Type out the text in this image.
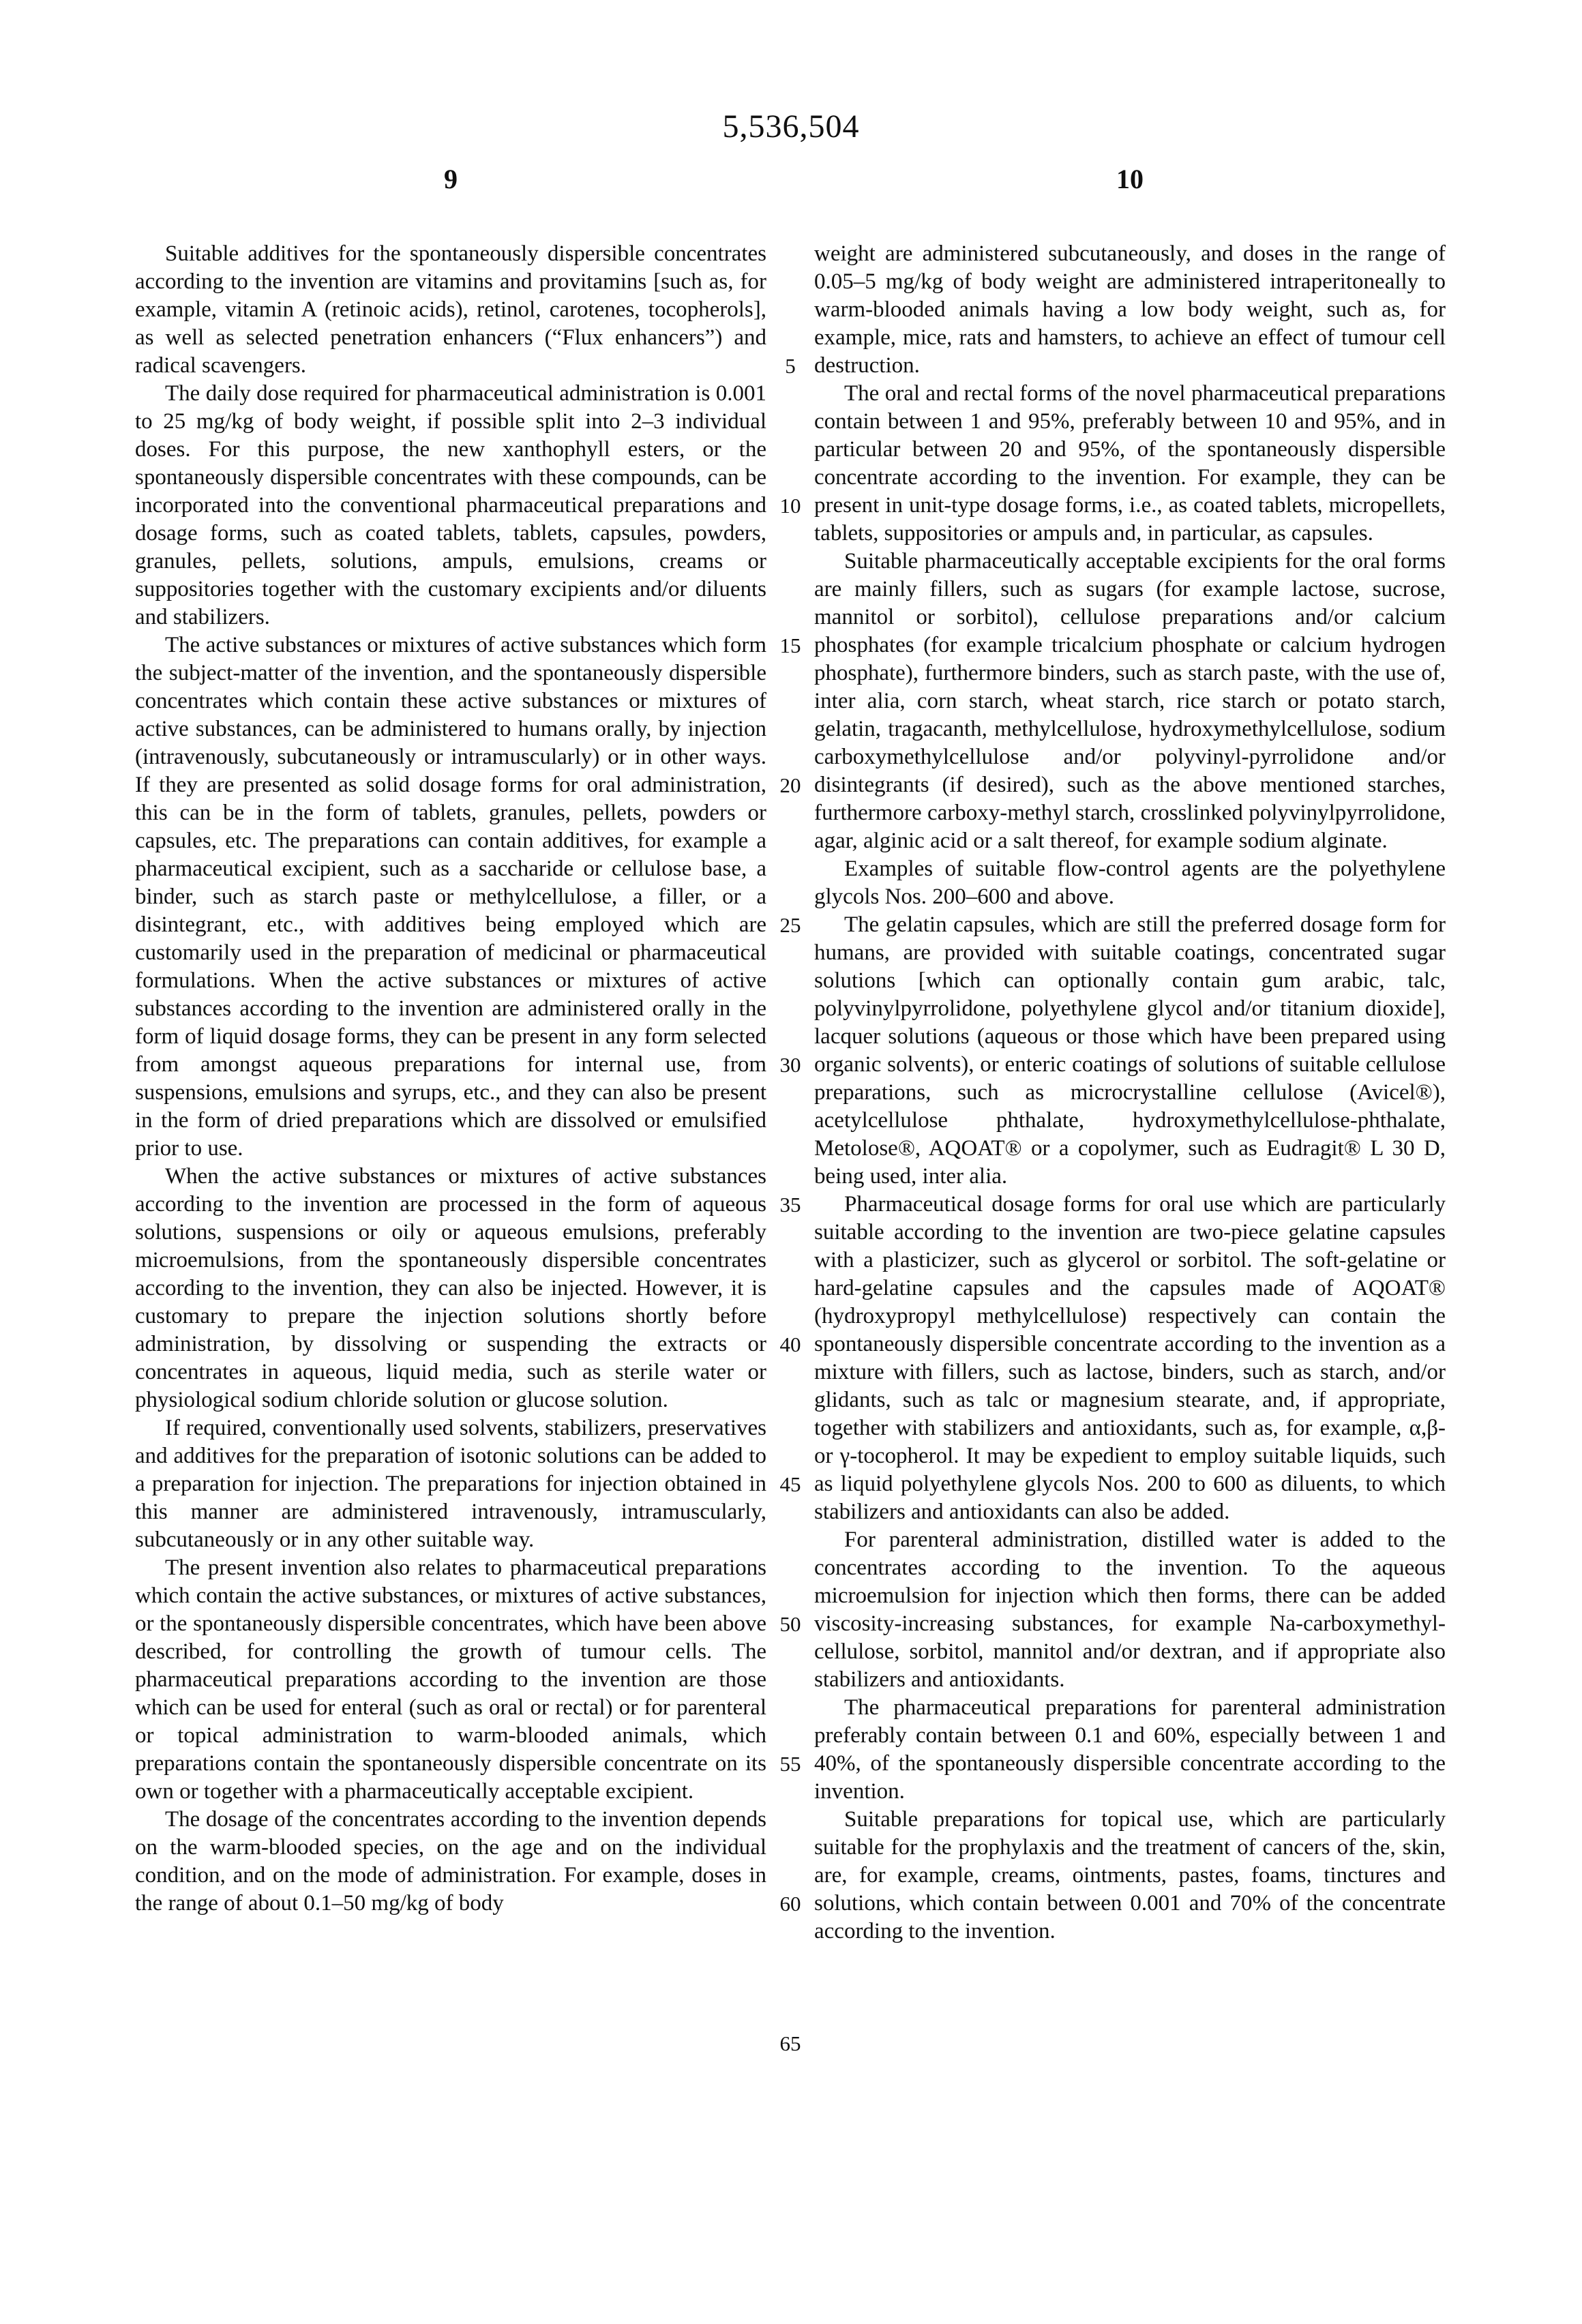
5,536,504
9

Suitable additives for the spontaneously dispersible concentrates according to the invention are vitamins and provitamins [such as, for example, vitamin A (retinoic acids), retinol, carotenes, tocopherols], as well as selected penetration enhancers (“Flux enhancers”) and radical scavengers.

The daily dose required for pharmaceutical administration is 0.001 to 25 mg/kg of body weight, if possible split into 2–3 individual doses. For this purpose, the new xanthophyll esters, or the spontaneously dispersible concentrates with these compounds, can be incorporated into the conventional pharmaceutical preparations and dosage forms, such as coated tablets, tablets, capsules, powders, granules, pellets, solutions, ampuls, emulsions, creams or suppositories together with the customary excipients and/or diluents and stabilizers.

The active substances or mixtures of active substances which form the subject-matter of the invention, and the spontaneously dispersible concentrates which contain these active substances or mixtures of active substances, can be administered to humans orally, by injection (intravenously, subcutaneously or intramuscularly) or in other ways. If they are presented as solid dosage forms for oral administration, this can be in the form of tablets, granules, pellets, powders or capsules, etc. The preparations can contain additives, for example a pharmaceutical excipient, such as a saccharide or cellulose base, a binder, such as starch paste or methylcellulose, a filler, or a disintegrant, etc., with additives being employed which are customarily used in the preparation of medicinal or pharmaceutical formulations. When the active substances or mixtures of active substances according to the invention are administered orally in the form of liquid dosage forms, they can be present in any form selected from amongst aqueous preparations for internal use, from suspensions, emulsions and syrups, etc., and they can also be present in the form of dried preparations which are dissolved or emulsified prior to use.

When the active substances or mixtures of active substances according to the invention are processed in the form of aqueous solutions, suspensions or oily or aqueous emulsions, preferably microemulsions, from the spontaneously dispersible concentrates according to the invention, they can also be injected. However, it is customary to prepare the injection solutions shortly before administration, by dissolving or suspending the extracts or concentrates in aqueous, liquid media, such as sterile water or physiological sodium chloride solution or glucose solution.

If required, conventionally used solvents, stabilizers, preservatives and additives for the preparation of isotonic solutions can be added to a preparation for injection. The preparations for injection obtained in this manner are administered intravenously, intramuscularly, subcutaneously or in any other suitable way.

The present invention also relates to pharmaceutical preparations which contain the active substances, or mixtures of active substances, or the spontaneously dispersible concentrates, which have been above described, for controlling the growth of tumour cells. The pharmaceutical preparations according to the invention are those which can be used for enteral (such as oral or rectal) or for parenteral or topical administration to warm-blooded animals, which preparations contain the spontaneously dispersible concentrate on its own or together with a pharmaceutically acceptable excipient.

The dosage of the concentrates according to the invention depends on the warm-blooded species, on the age and on the individual condition, and on the mode of administration. For example, doses in the range of about 0.1–50 mg/kg of body

5
10
15
20
25
30
35
40
45
50
55
60
65
10

weight are administered subcutaneously, and doses in the range of 0.05–5 mg/kg of body weight are administered intraperitoneally to warm-blooded animals having a low body weight, such as, for example, mice, rats and hamsters, to achieve an effect of tumour cell destruction.

The oral and rectal forms of the novel pharmaceutical preparations contain between 1 and 95%, preferably between 10 and 95%, and in particular between 20 and 95%, of the spontaneously dispersible concentrate according to the invention. For example, they can be present in unit-type dosage forms, i.e., as coated tablets, micropellets, tablets, suppositories or ampuls and, in particular, as capsules.

Suitable pharmaceutically acceptable excipients for the oral forms are mainly fillers, such as sugars (for example lactose, sucrose, mannitol or sorbitol), cellulose preparations and/or calcium phosphates (for example tricalcium phosphate or calcium hydrogen phosphate), furthermore binders, such as starch paste, with the use of, inter alia, corn starch, wheat starch, rice starch or potato starch, gelatin, tragacanth, methylcellulose, hydroxymethylcellulose, sodium carboxymethylcellulose and/or polyvinyl-pyrrolidone and/or disintegrants (if desired), such as the above mentioned starches, furthermore carboxy-methyl starch, crosslinked polyvinylpyrrolidone, agar, alginic acid or a salt thereof, for example sodium alginate.

Examples of suitable flow-control agents are the polyethylene glycols Nos. 200–600 and above.

The gelatin capsules, which are still the preferred dosage form for humans, are provided with suitable coatings, concentrated sugar solutions [which can optionally contain gum arabic, talc, polyvinylpyrrolidone, polyethylene glycol and/or titanium dioxide], lacquer solutions (aqueous or those which have been prepared using organic solvents), or enteric coatings of solutions of suitable cellulose preparations, such as microcrystalline cellulose (Avicel®), acetylcellulose phthalate, hydroxymethylcellulose-phthalate, Metolose®, AQOAT® or a copolymer, such as Eudragit® L 30 D, being used, inter alia.

Pharmaceutical dosage forms for oral use which are particularly suitable according to the invention are two-piece gelatine capsules with a plasticizer, such as glycerol or sorbitol. The soft-gelatine or hard-gelatine capsules and the capsules made of AQOAT® (hydroxypropyl methylcellulose) respectively can contain the spontaneously dispersible concentrate according to the invention as a mixture with fillers, such as lactose, binders, such as starch, and/or glidants, such as talc or magnesium stearate, and, if appropriate, together with stabilizers and antioxidants, such as, for example, α,β- or γ-tocopherol. It may be expedient to employ suitable liquids, such as liquid polyethylene glycols Nos. 200 to 600 as diluents, to which stabilizers and antioxidants can also be added.

For parenteral administration, distilled water is added to the concentrates according to the invention. To the aqueous microemulsion for injection which then forms, there can be added viscosity-increasing substances, for example Na-carboxymethyl-cellulose, sorbitol, mannitol and/or dextran, and if appropriate also stabilizers and antioxidants.

The pharmaceutical preparations for parenteral administration preferably contain between 0.1 and 60%, especially between 1 and 40%, of the spontaneously dispersible concentrate according to the invention.

Suitable preparations for topical use, which are particularly suitable for the prophylaxis and the treatment of cancers of the, skin, are, for example, creams, ointments, pastes, foams, tinctures and solutions, which contain between 0.001 and 70% of the concentrate according to the invention.
